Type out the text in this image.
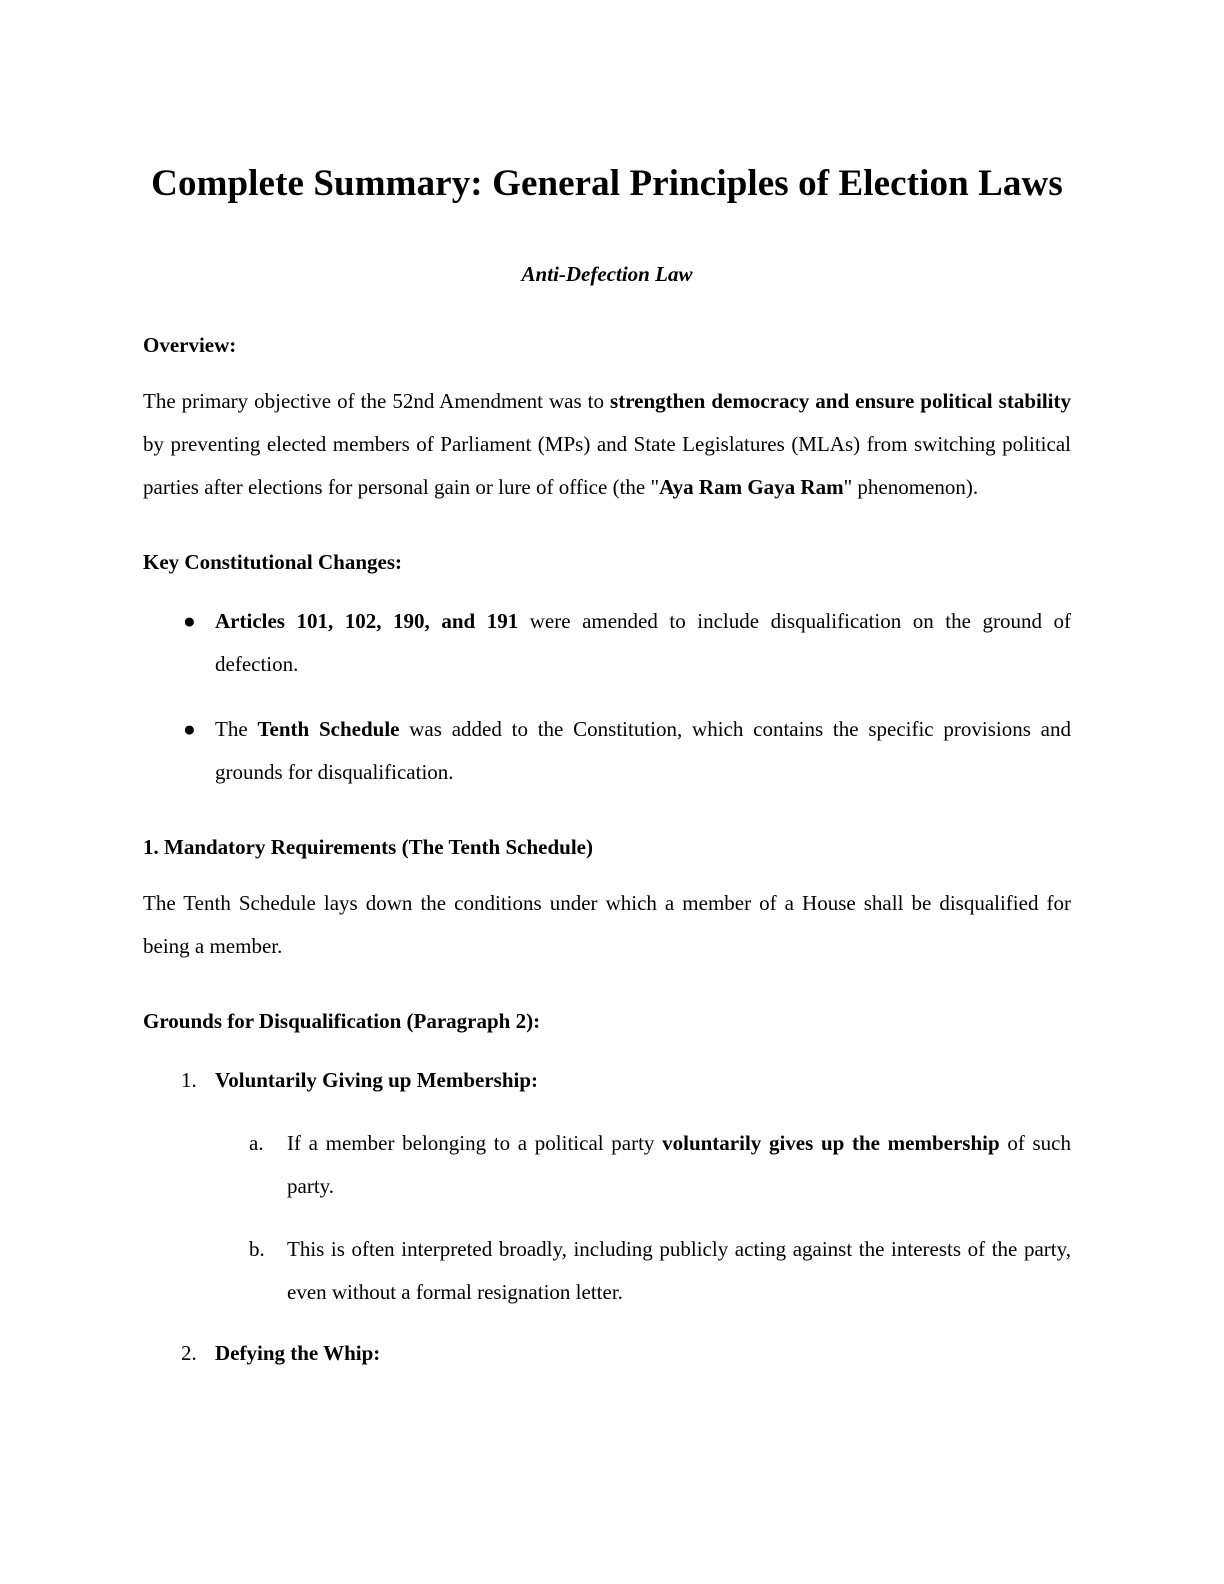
Complete Summary: General Principles of Election Laws
Anti-Defection Law
Overview:

The primary objective of the 52nd Amendment was to strengthen democracy and ensure political stability by preventing elected members of Parliament (MPs) and State Legislatures (MLAs) from switching political parties after elections for personal gain or lure of office (the "Aya Ram Gaya Ram" phenomenon).

Key Constitutional Changes:
● Articles 101, 102, 190, and 191 were amended to include disqualification on the ground of defection.
● The Tenth Schedule was added to the Constitution, which contains the specific provisions and grounds for disqualification.
1. Mandatory Requirements (The Tenth Schedule)

The Tenth Schedule lays down the conditions under which a member of a House shall be disqualified for being a member.

Grounds for Disqualification (Paragraph 2):
1. Voluntarily Giving up Membership:
a. If a member belonging to a political party voluntarily gives up the membership of such party.
b. This is often interpreted broadly, including publicly acting against the interests of the party, even without a formal resignation letter.
2. Defying the Whip:
